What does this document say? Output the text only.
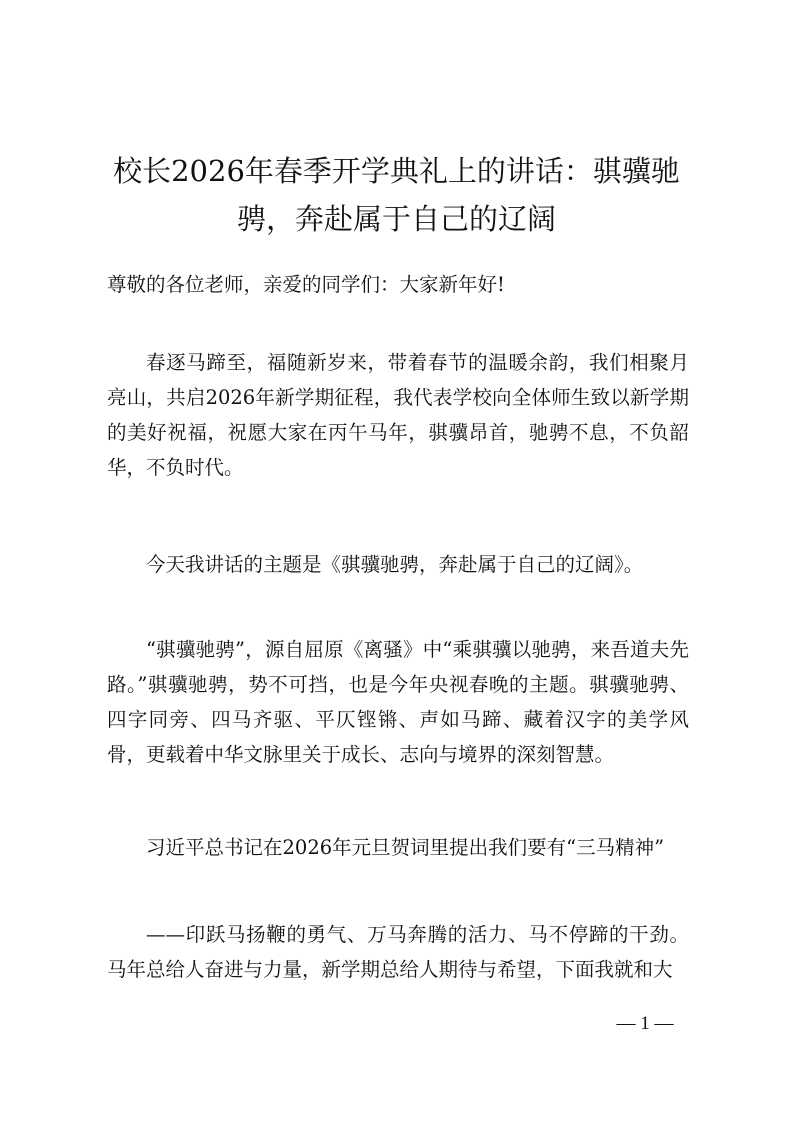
校长2026年春季开学典礼上的讲话：骐骥驰
骋，奔赴属于自己的辽阔

尊敬的各位老师，亲爱的同学们：大家新年好!

春逐马蹄至，福随新岁来，带着春节的温暖余韵，我们相聚月亮山，共启2026年新学期征程，我代表学校向全体师生致以新学期的美好祝福，祝愿大家在丙午马年，骐骥昂首，驰骋不息，不负韶华，不负时代。

今天我讲话的主题是《骐骥驰骋，奔赴属于自己的辽阔》。

“骐骥驰骋”，源自屈原《离骚》中“乘骐骥以驰骋，来吾道夫先路。”骐骥驰骋，势不可挡，也是今年央视春晚的主题。骐骥驰骋、四字同旁、四马齐驱、平仄铿锵、声如马蹄、藏着汉字的美学风骨，更载着中华文脉里关于成长、志向与境界的深刻智慧。

习近平总书记在2026年元旦贺词里提出我们要有“三马精神”

——印跃马扬鞭的勇气、万马奔腾的活力、马不停蹄的干劲。马年总给人奋进与力量，新学期总给人期待与希望，下面我就和大

— 1 —
